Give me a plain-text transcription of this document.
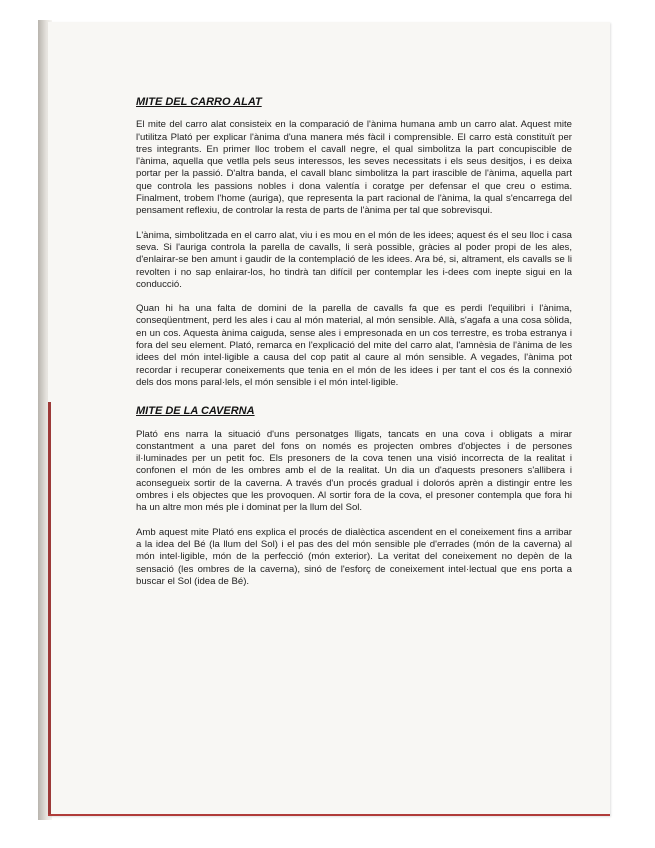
MITE DEL CARRO ALAT

El mite del carro alat consisteix en la comparació de l'ànima humana amb un carro alat. Aquest mite l'utilitza Plató per explicar l'ànima d'una manera més fàcil i comprensible. El carro està constituït per tres integrants. En primer lloc trobem el cavall negre, el qual simbolitza la part concupiscible de l'ànima, aquella que vetlla pels seus interessos, les seves necessitats i els seus desitjos, i es deixa portar per la passió. D'altra banda, el cavall blanc simbolitza la part irascible de l'ànima, aquella part que controla les passions nobles i dona valentía i coratge per defensar el que creu o estima. Finalment, trobem l'home (auriga), que representa la part racional de l'ànima, la qual s'encarrega del pensament reflexiu, de controlar la resta de parts de l'ànima per tal que sobrevisqui.

L'ànima, simbolitzada en el carro alat, viu i es mou en el món de les idees; aquest és el seu lloc i casa seva. Si l'auriga controla la parella de cavalls, li serà possible, gràcies al poder propi de les ales, d'enlairar-se ben amunt i gaudir de la contemplació de les idees. Ara bé, si, altrament, els cavalls se li revolten i no sap enlairar-los, ho tindrà tan difícil per contemplar les i-dees com inepte sigui en la conducció.

Quan hi ha una falta de domini de la parella de cavalls fa que es perdi l'equilibri i l'ànima, conseqüentment, perd les ales i cau al món material, al món sensible. Allà, s'agafa a una cosa sòlida, en un cos. Aquesta ànima caiguda, sense ales i empresonada en un cos terrestre, es troba estranya i fora del seu element. Plató, remarca en l'explicació del mite del carro alat, l'amnèsia de l'ànima de les idees del món intel·ligible a causa del cop patit al caure al món sensible. A vegades, l'ànima pot recordar i recuperar coneixements que tenia en el món de les idees i per tant el cos és la connexió dels dos mons paral·lels, el món sensible i el món intel·ligible.

MITE DE LA CAVERNA

Plató ens narra la situació d'uns personatges lligats, tancats en una cova i obligats a mirar constantment a una paret del fons on només es projecten ombres d'objectes i de persones il·luminades per un petit foc. Els presoners de la cova tenen una visió incorrecta de la realitat i confonen el món de les ombres amb el de la realitat. Un dia un d'aquests presoners s'allibera i aconsegueix sortir de la caverna. A través d'un procés gradual i dolorós aprèn a distingir entre les ombres i els objectes que les provoquen. Al sortir fora de la cova, el presoner contempla que fora hi ha un altre mon més ple i dominat per la llum del Sol.

Amb aquest mite Plató ens explica el procés de dialèctica ascendent en el coneixement fins a arribar a la idea del Bé (la llum del Sol) i el pas des del món sensible ple d'errades (món de la caverna) al món intel·ligible, món de la perfecció (món exterior). La veritat del coneixement no depèn de la sensació (les ombres de la caverna), sinó de l'esforç de coneixement intel·lectual que ens porta a buscar el Sol (idea de Bé).
